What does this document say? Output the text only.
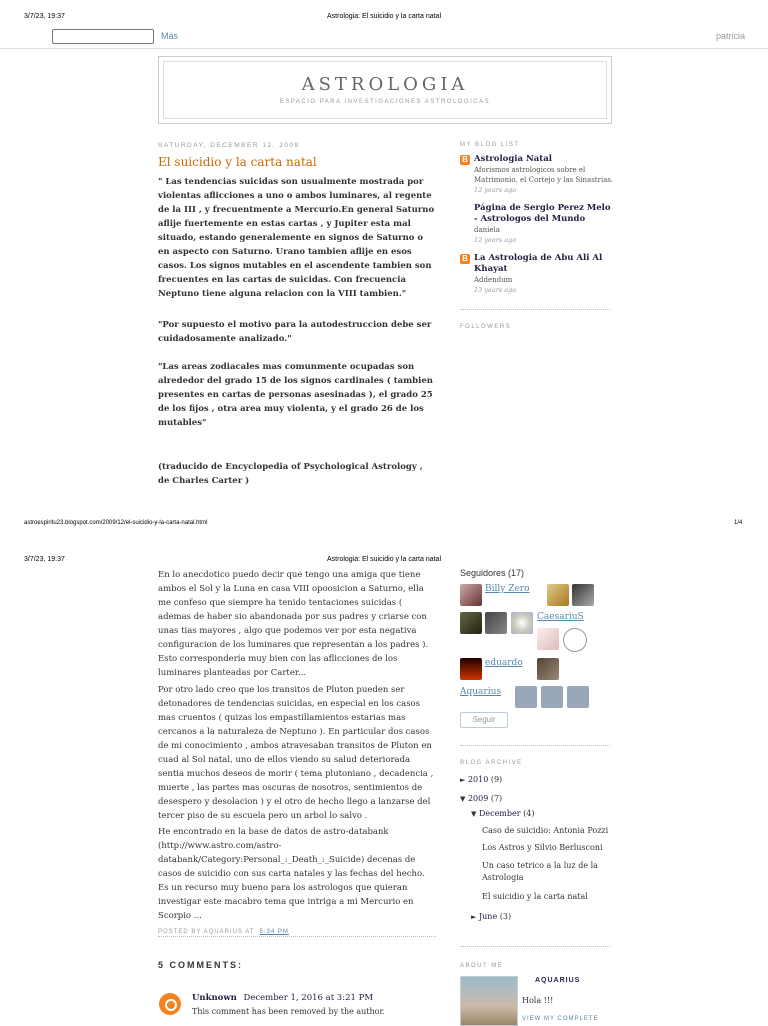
3/7/23, 19:37	Astrologia: El suicidio y la carta natal
Más	patricia
ASTROLOGIA
ESPACIO PARA INVESTIGACIONES ASTROLOGICAS
SATURDAY, DECEMBER 12, 2009
El suicidio y la carta natal
" Las tendencias suicidas son usualmente mostrada por violentas aflicciones a uno o ambos luminares, al regente de la III , y frecuentmente a Mercurio.En general Saturno aflije fuertemente en estas cartas , y Jupiter esta mal situado, estando generalemente en signos de Saturno o en aspecto con Saturno. Urano tambien aflije en esos casos. Los signos mutables en el ascendente tambien son frecuentes en las cartas de suicidas. Con frecuencia Neptuno tiene alguna relacion con la VIII tambien."
"Por supuesto el motivo para la autodestruccion debe ser cuidadosamente analizado."
"Las areas zodiacales mas comunmente ocupadas son alrededor del grado 15 de los signos cardinales ( tambien presentes en cartas de personas asesinadas ), el grado 25 de los fijos , otra area muy violenta, y el grado 26 de los mutables"
(traducido de Encyclopedia of Psychological Astrology , de Charles Carter )
MY BLOG LIST
B Astrologia Natal
Aforismos astrologicos sobre el Matrimonio, el Cortejo y las Sinastrias.
12 years ago
Página de Sergio Perez Melo - Astrologos del Mundo
daniela
12 years ago
B La Astrologia de Abu Ali Al Khayat
Addendum
13 years ago
FOLLOWERS
astroespiritu23.blogspot.com/2009/12/el-suicidio-y-la-carta-natal.html	1/4
3/7/23, 19:37	Astrologia: El suicidio y la carta natal
En lo anecdotico puedo decir que tengo una amiga que tiene ambos el Sol y la Luna en casa VIII opoosicion a Saturno, ella me confeso que siempre ha tenido tentaciones suicidas ( ademas de haber sio abandonada por sus padres y criarse con unas tias mayores , algo que podemos ver por esta negativa configuracion de los luminares que representan a los padres ). Esto correspondería muy bien con las aflicciones de los luminares planteadas por Carter...
Por otro lado creo que los transitos de Pluton pueden ser detonadores de tendencias suicidas, en especial en los casos mas cruentos ( quizas los empastillamientos estarias mas cercanos a la naturaleza de Neptuno ). En particular dos casos de mi conocimiento , ambos atravesaban transitos de Pluton en cuad al Sol natal, uno de ellos viendo su salud deteriorada sentia muchos deseos de morir ( tema plutoniano , decadencia , muerte , las partes mas oscuras de nosotros, sentimientos de desespero y desolacion ) y el otro de hecho llego a lanzarse del tercer piso de su escuela pero un arbol lo salvo .
He encontrado en la base de datos de astro-databank (http://www.astro.com/astro-databank/Category:Personal_:_Death_:_Suicide) decenas de casos de suicidio con sus carta natales y las fechas del hecho. Es un recurso muy bueno para los astrologos que quieran investigar este macabro tema que intriga a mi Mercurio en Scorpio ...
POSTED BY AQUARIUS AT 5:34 PM
5 COMMENTS:
Unknown December 1, 2016 at 3:21 PM
This comment has been removed by the author.
Seguidores (17)
Billy Zero
CaesariuS
eduardo
Aquarius
Seguir
BLOG ARCHIVE
► 2010 (9)
▼ 2009 (7)
▼ December (4)
Caso de suicidio: Antonia Pozzi
Los Astros y Silvio Berlusconi
Un caso tetrico a la luz de la Astrologia
El suicidio y la carta natal
► June (3)
ABOUT ME
AQUARIUS
Hola !!!
VIEW MY COMPLETE
